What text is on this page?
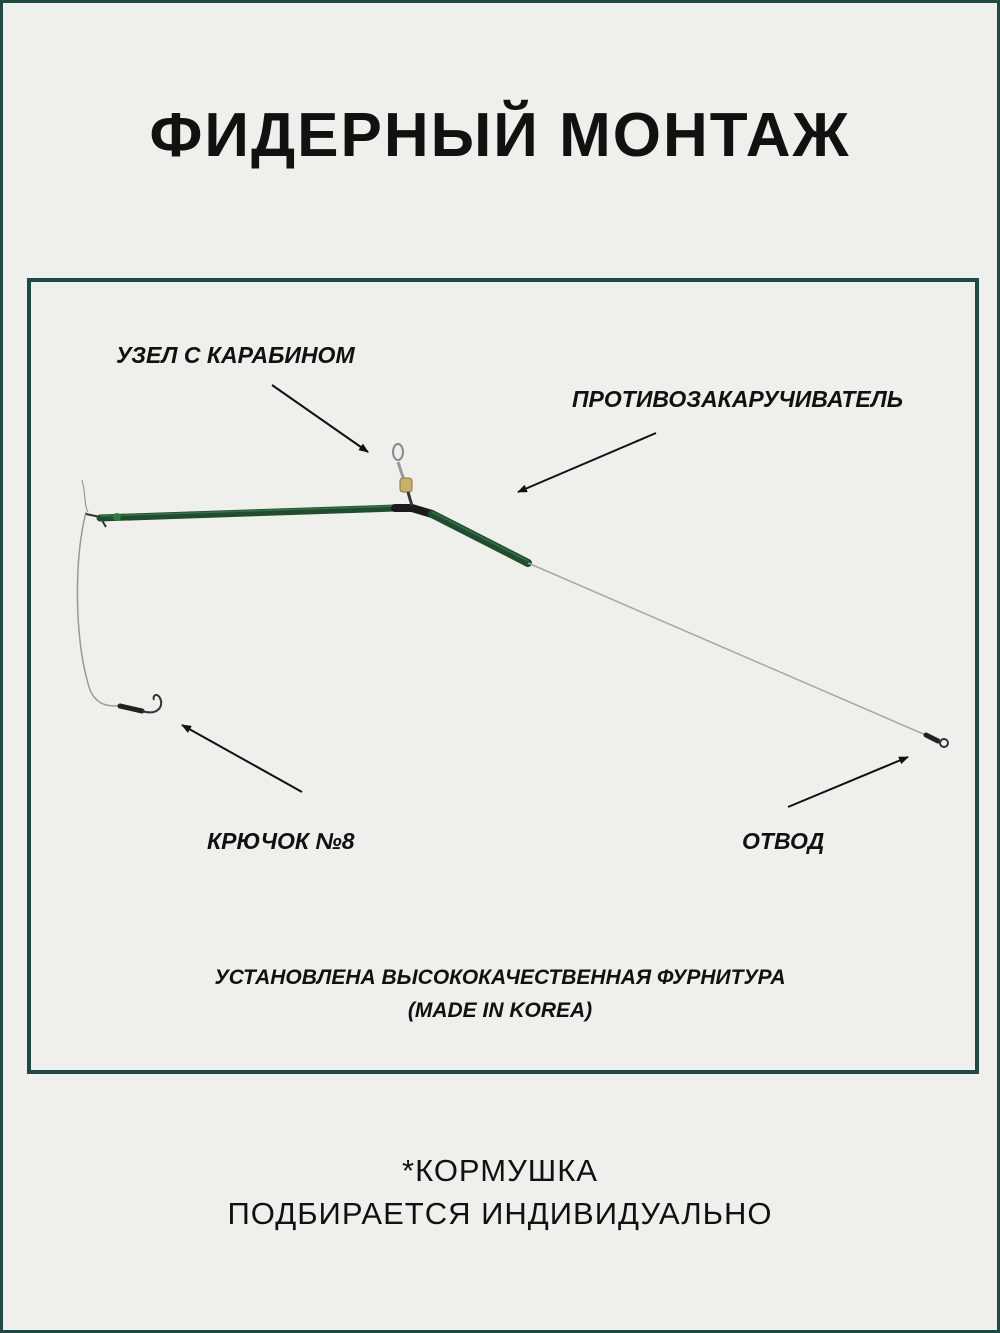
ФИДЕРНЫЙ МОНТАЖ
УЗЕЛ С КАРАБИНОМ
ПРОТИВОЗАКАРУЧИВАТЕЛЬ
КРЮЧОК №8	ОТВОД
УСТАНОВЛЕНА ВЫСОКОКАЧЕСТВЕННАЯ ФУРНИТУРА
(MADE IN KOREA)
*КОРМУШКА
ПОДБИРАЕТСЯ ИНДИВИДУАЛЬНО
